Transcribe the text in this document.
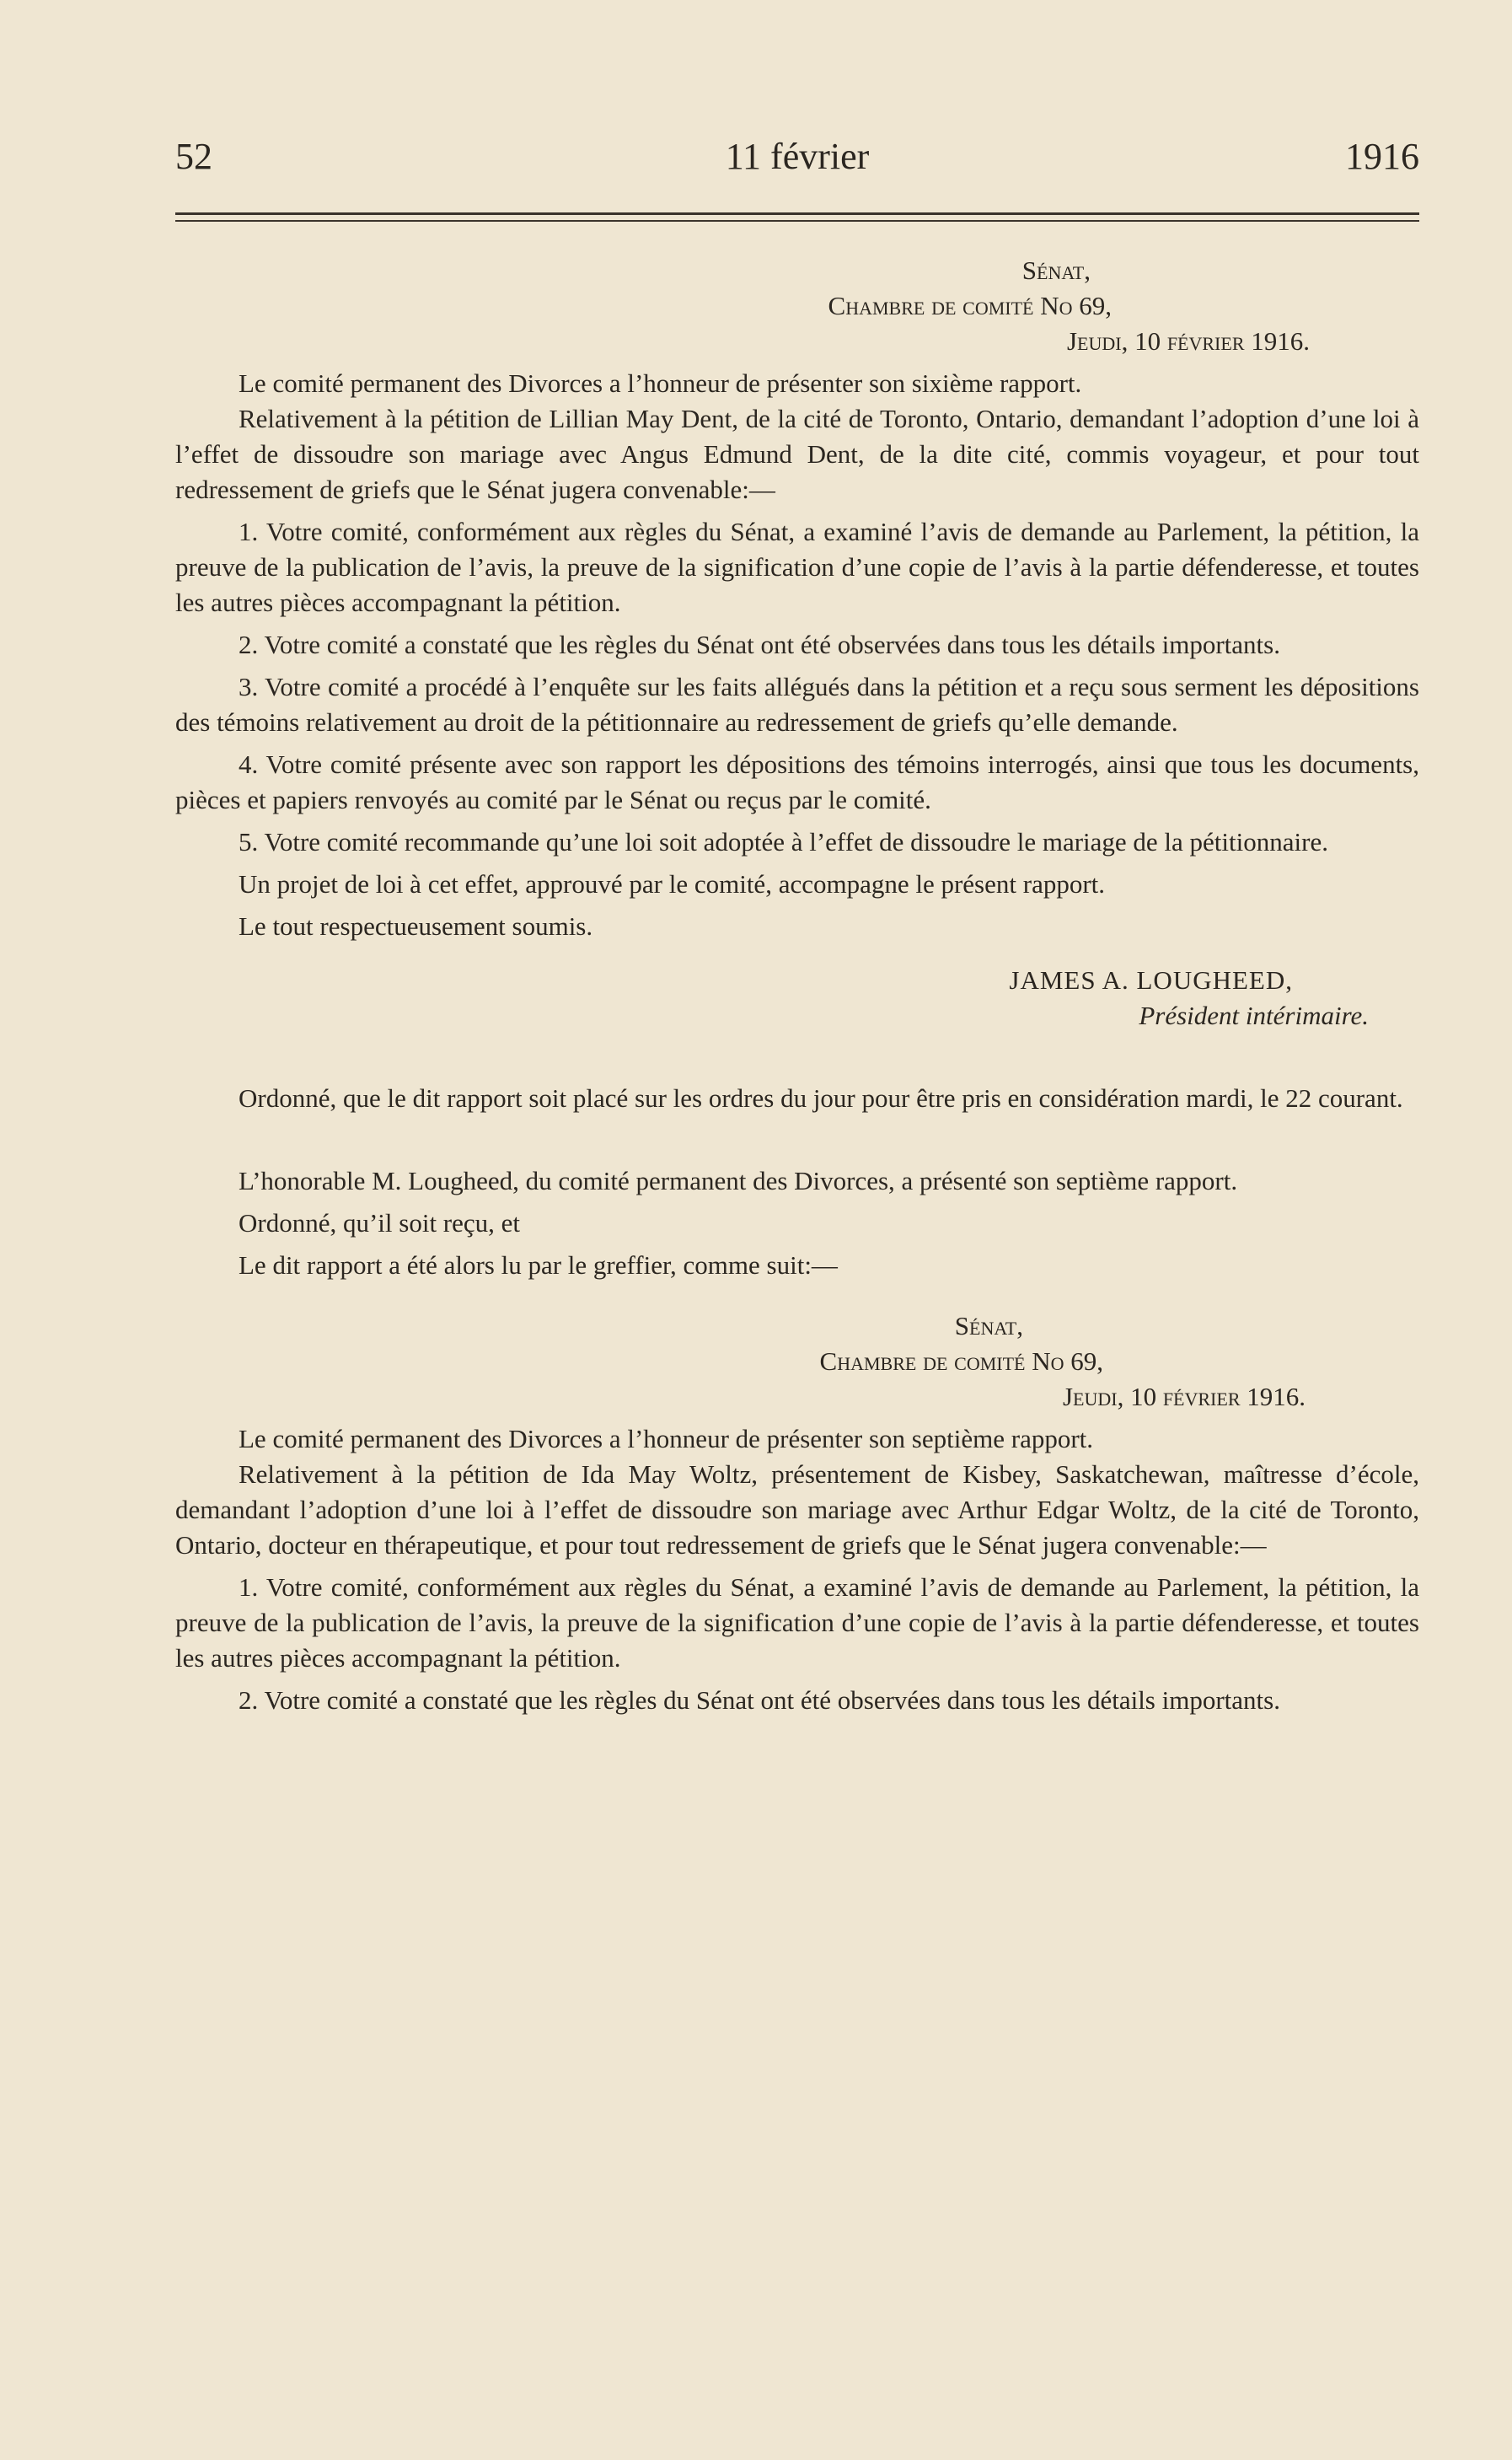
52	11 février	1916
Sénat,
Chambre de comité No 69,
Jeudi, 10 février 1916.

Le comité permanent des Divorces a l’honneur de présenter son sixième rapport.

Relativement à la pétition de Lillian May Dent, de la cité de Toronto, Ontario, demandant l’adoption d’une loi à l’effet de dissoudre son mariage avec Angus Edmund Dent, de la dite cité, commis voyageur, et pour tout redressement de griefs que le Sénat jugera convenable:—

1. Votre comité, conformément aux règles du Sénat, a examiné l’avis de demande au Parlement, la pétition, la preuve de la publication de l’avis, la preuve de la signification d’une copie de l’avis à la partie défenderesse, et toutes les autres pièces accompagnant la pétition.

2. Votre comité a constaté que les règles du Sénat ont été observées dans tous les détails importants.

3. Votre comité a procédé à l’enquête sur les faits allégués dans la pétition et a reçu sous serment les dépositions des témoins relativement au droit de la pétitionnaire au redressement de griefs qu’elle demande.

4. Votre comité présente avec son rapport les dépositions des témoins interrogés, ainsi que tous les documents, pièces et papiers renvoyés au comité par le Sénat ou reçus par le comité.

5. Votre comité recommande qu’une loi soit adoptée à l’effet de dissoudre le mariage de la pétitionnaire.

Un projet de loi à cet effet, approuvé par le comité, accompagne le présent rapport.

Le tout respectueusement soumis.

JAMES A. LOUGHEED,
Président intérimaire.

Ordonné, que le dit rapport soit placé sur les ordres du jour pour être pris en considération mardi, le 22 courant.

L’honorable M. Lougheed, du comité permanent des Divorces, a présenté son septième rapport.

Ordonné, qu’il soit reçu, et

Le dit rapport a été alors lu par le greffier, comme suit:—

Sénat,
Chambre de comité No 69,
Jeudi, 10 février 1916.

Le comité permanent des Divorces a l’honneur de présenter son septième rapport.

Relativement à la pétition de Ida May Woltz, présentement de Kisbey, Saskatchewan, maîtresse d’école, demandant l’adoption d’une loi à l’effet de dissoudre son mariage avec Arthur Edgar Woltz, de la cité de Toronto, Ontario, docteur en thérapeutique, et pour tout redressement de griefs que le Sénat jugera convenable:—

1. Votre comité, conformément aux règles du Sénat, a examiné l’avis de demande au Parlement, la pétition, la preuve de la publication de l’avis, la preuve de la signification d’une copie de l’avis à la partie défenderesse, et toutes les autres pièces accompagnant la pétition.

2. Votre comité a constaté que les règles du Sénat ont été observées dans tous les détails importants.
